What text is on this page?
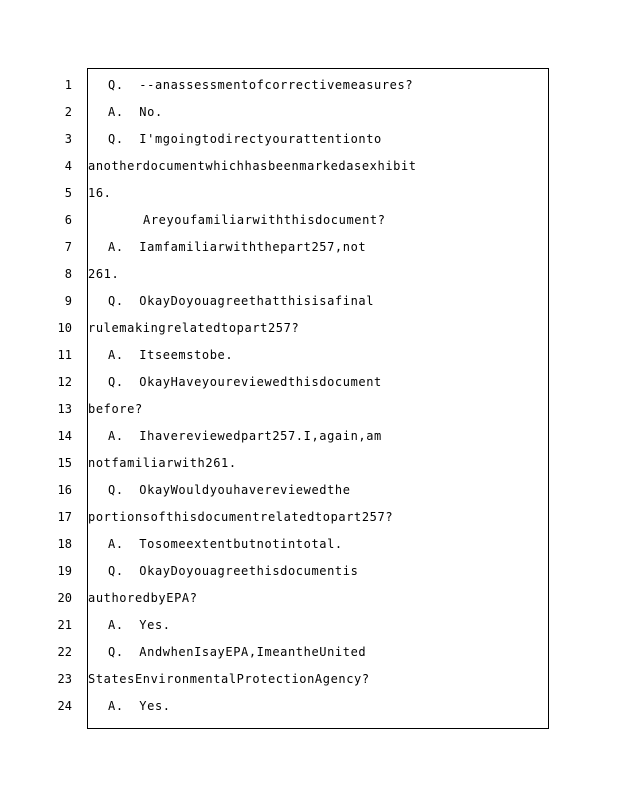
1	Q.  --anassessmentofcorrectivemeasures?
2	A.  No.
3	Q.  I'mgoingtodirectyourattentionto
4 anotherdocumentwhichhasbeenmarkedasexhibit
5 16.
6	Areyoufamiliarwiththisdocument?
7	A.  Iamfamiliarwiththepart257,not
8 261.
9	Q.  OkayDoyouagreethatthisisafinal
10 rulemakingrelatedtopart257?
11	A.  Itseemstobe.
12	Q.  OkayHaveyoureviewedthisdocument
13 before?
14	A.  Ihavereviewedpart257.I,again,am
15 notfamiliarwith261.
16	Q.  OkayWouldyouhavereviewedthe
17 portionsofthisdocumentrelatedtopart257?
18	A.  Tosomeextentbutnotintotal.
19	Q.  OkayDoyouagreethisdocumentis
20 authoredbyEPA?
21	A.  Yes.
22	Q.  AndwhenIsayEPA,ImeantheUnited
23 StatesEnvironmentalProtectionAgency?
24	A.  Yes.
